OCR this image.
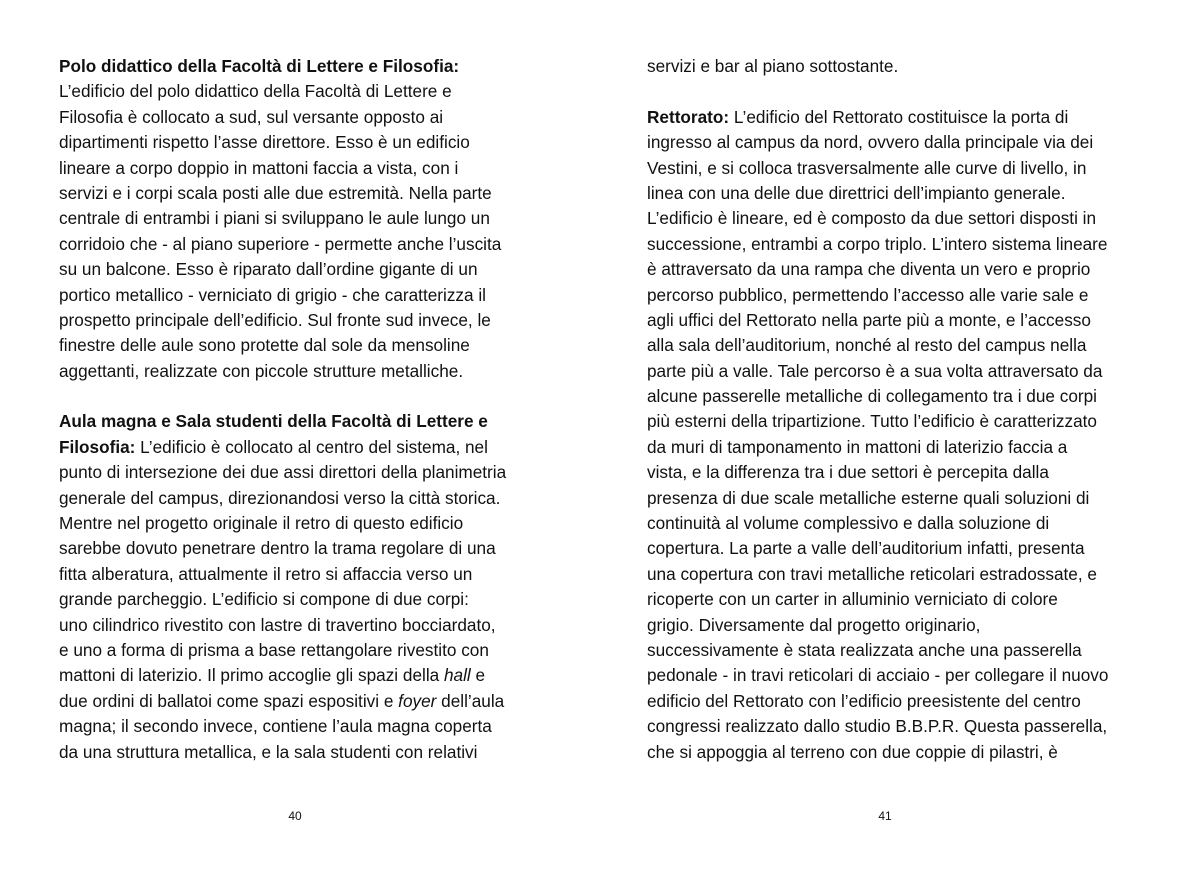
Polo didattico della Facoltà di Lettere e Filosofia:
L’edificio del polo didattico della Facoltà di Lettere e
Filosofia è collocato a sud, sul versante opposto ai
dipartimenti rispetto l’asse direttore. Esso è un edificio
lineare a corpo doppio in mattoni faccia a vista, con i
servizi e i corpi scala posti alle due estremità. Nella parte
centrale di entrambi i piani si sviluppano le aule lungo un
corridoio che - al piano superiore - permette anche l’uscita
su un balcone. Esso è riparato dall’ordine gigante di un
portico metallico - verniciato di grigio - che caratterizza il
prospetto principale dell’edificio. Sul fronte sud invece, le
finestre delle aule sono protette dal sole da mensoline
aggettanti, realizzate con piccole strutture metalliche.
Aula magna e Sala studenti della Facoltà di Lettere e
Filosofia: L’edificio è collocato al centro del sistema, nel
punto di intersezione dei due assi direttori della planimetria
generale del campus, direzionandosi verso la città storica.
Mentre nel progetto originale il retro di questo edificio
sarebbe dovuto penetrare dentro la trama regolare di una
fitta alberatura, attualmente il retro si affaccia verso un
grande parcheggio. L’edificio si compone di due corpi:
uno cilindrico rivestito con lastre di travertino bocciardato,
e uno a forma di prisma a base rettangolare rivestito con
mattoni di laterizio. Il primo accoglie gli spazi della hall e
due ordini di ballatoi come spazi espositivi e foyer dell’aula
magna; il secondo invece, contiene l’aula magna coperta
da una struttura metallica, e la sala studenti con relativi
40
servizi e bar al piano sottostante.
Rettorato: L’edificio del Rettorato costituisce la porta di
ingresso al campus da nord, ovvero dalla principale via dei
Vestini, e si colloca trasversalmente alle curve di livello, in
linea con una delle due direttrici dell’impianto generale.
L’edificio è lineare, ed è composto da due settori disposti in
successione, entrambi a corpo triplo. L’intero sistema lineare
è attraversato da una rampa che diventa un vero e proprio
percorso pubblico, permettendo l’accesso alle varie sale e
agli uffici del Rettorato nella parte più a monte, e l’accesso
alla sala dell’auditorium, nonché al resto del campus nella
parte più a valle. Tale percorso è a sua volta attraversato da
alcune passerelle metalliche di collegamento tra i due corpi
più esterni della tripartizione. Tutto l’edificio è caratterizzato
da muri di tamponamento in mattoni di laterizio faccia a
vista, e la differenza tra i due settori è percepita dalla
presenza di due scale metalliche esterne quali soluzioni di
continuità al volume complessivo e dalla soluzione di
copertura. La parte a valle dell’auditorium infatti, presenta
una copertura con travi metalliche reticolari estradossate, e
ricoperte con un carter in alluminio verniciato di colore
grigio. Diversamente dal progetto originario,
successivamente è stata realizzata anche una passerella
pedonale - in travi reticolari di acciaio - per collegare il nuovo
edificio del Rettorato con l’edificio preesistente del centro
congressi realizzato dallo studio B.B.P.R. Questa passerella,
che si appoggia al terreno con due coppie di pilastri, è
41
